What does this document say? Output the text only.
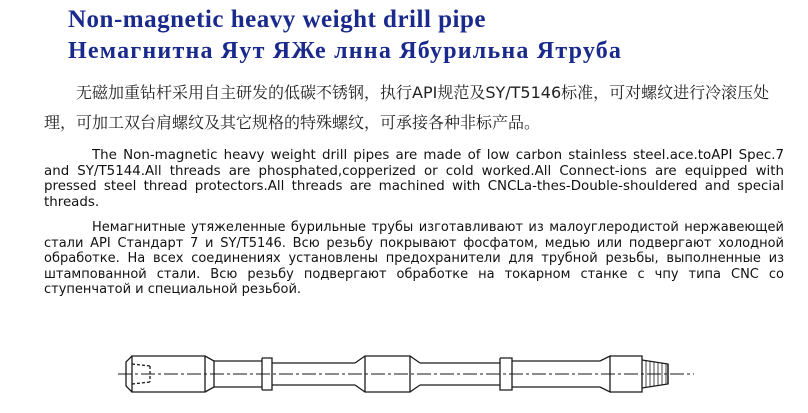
Non-magnetic heavy weight drill pipe
Немагнитна Яут ЯЖе лнна Ябурильна Ятруба
无磁加重钻杆采用自主研发的低碳不锈钢，执行API规范及SY/T5146标准，可对螺纹进行冷滚压处理，可加工双台肩螺纹及其它规格的特殊螺纹，可承接各种非标产品。
The Non-magnetic heavy weight drill pipes are made of low carbon stainless steel.ace.toAPI Spec.7 and SY/T5144.All threads are phosphated,copperized or cold worked.All Connect-ions are equipped with pressed steel thread protectors.All threads are machined with CNCLa-thes-Double-shouldered and special threads.
Немагнитные утяжеленные бурильные трубы изготавливают из малоуглеродистой нержавеющей стали API Стандарт 7 и SY/T5146. Всю резьбу покрывают фосфатом, медью или подвергают холодной обработке. На всех соединениях установлены предохранители для трубной резьбы, выполненные из штампованной стали. Всю резьбу подвергают обработке на токарном станке с чпу типа CNC со ступенчатой и специальной резьбой.
